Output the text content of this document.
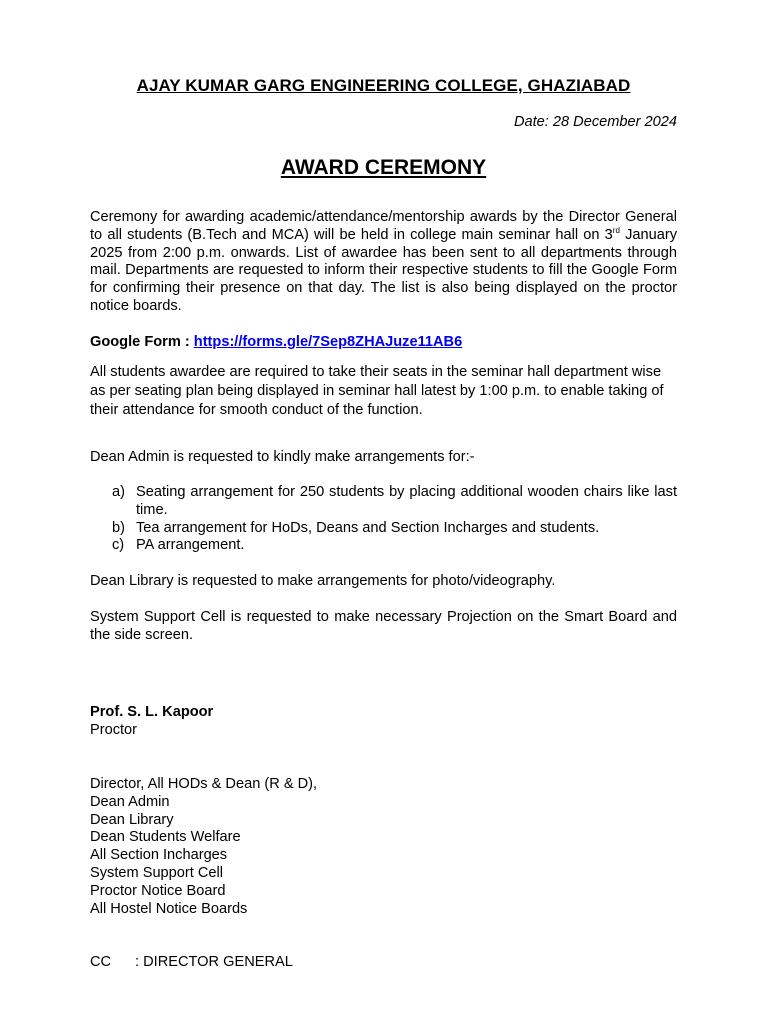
AJAY KUMAR GARG ENGINEERING COLLEGE, GHAZIABAD
Date: 28 December 2024
AWARD CEREMONY
Ceremony for awarding academic/attendance/mentorship awards by the Director General to all students (B.Tech and MCA) will be held in college main seminar hall on 3rd January 2025 from 2:00 p.m. onwards. List of awardee has been sent to all departments through mail. Departments are requested to inform their respective students to fill the Google Form for confirming their presence on that day. The list is also being displayed on the proctor notice boards.
Google Form : https://forms.gle/7Sep8ZHAJuze11AB6
All students awardee are required to take their seats in the seminar hall department wise as per seating plan being displayed in seminar hall latest by 1:00 p.m. to enable taking of their attendance for smooth conduct of the function.
Dean Admin is requested to kindly make arrangements for:-
a) Seating arrangement for 250 students by placing additional wooden chairs like last time.
b) Tea arrangement for HoDs, Deans and Section Incharges and students.
c) PA arrangement.
Dean Library is requested to make arrangements for photo/videography.
System Support Cell is requested to make necessary Projection on the Smart Board and the side screen.
Prof. S. L. Kapoor
Proctor
Director, All HODs & Dean (R & D),
Dean Admin
Dean Library
Dean Students Welfare
All Section Incharges
System Support Cell
Proctor Notice Board
All Hostel Notice Boards
CC : DIRECTOR GENERAL
